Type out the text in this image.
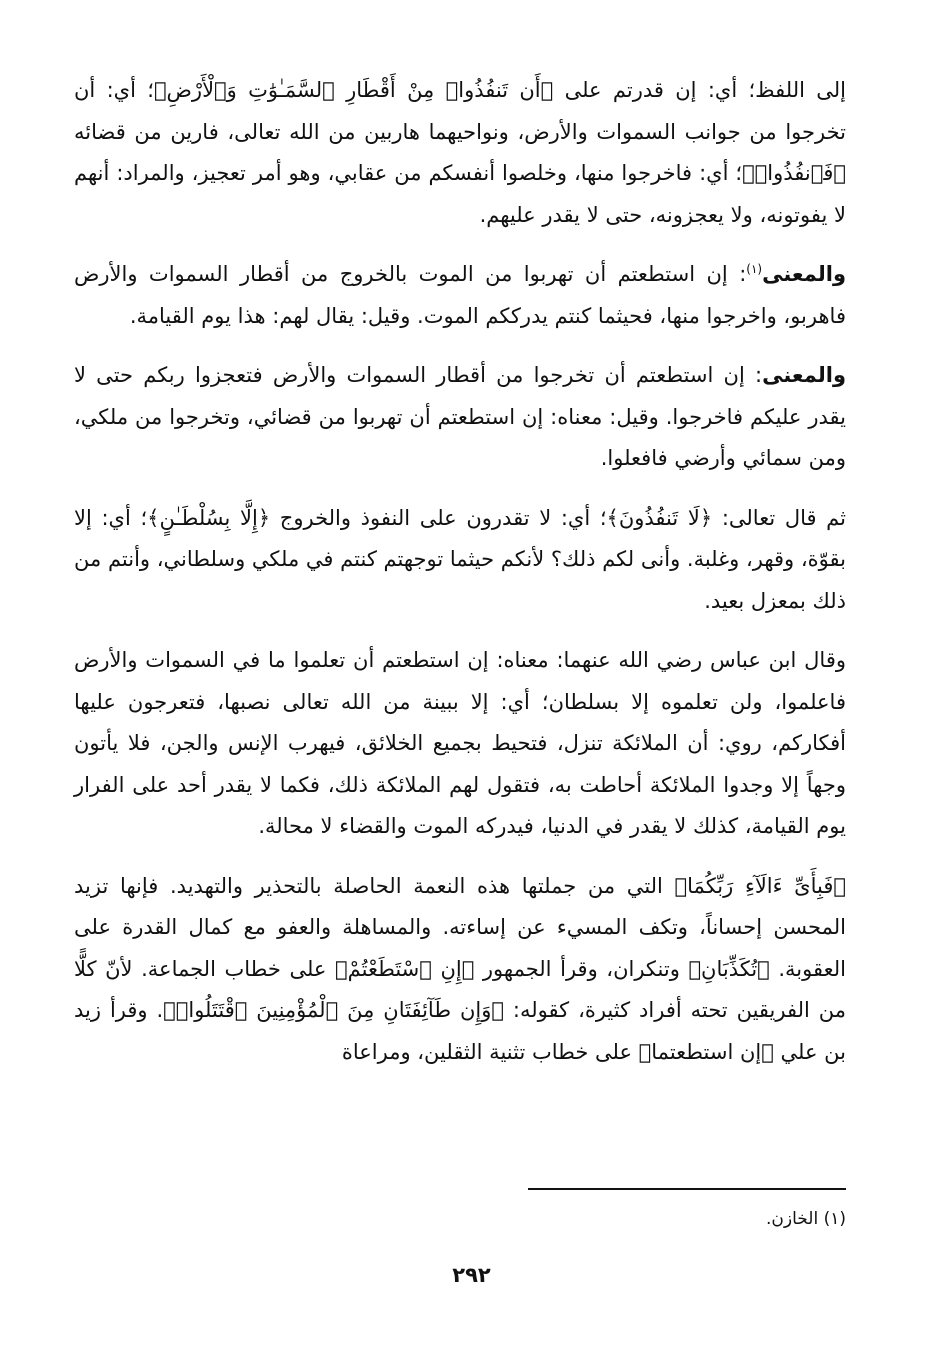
إلى اللفظ؛ أي: إن قدرتم على ﴿أَن تَنفُذُوا۟ مِنْ أَقْطَارِ ٱلسَّمَـٰوَٰتِ وَٱلْأَرْضِ﴾؛ أي: أن تخرجوا من جوانب السموات والأرض، ونواحيهما هاربين من الله تعالى، فارين من قضائه ﴿فَٱنفُذُوا۟﴾؛ أي: فاخرجوا منها، وخلصوا أنفسكم من عقابي، وهو أمر تعجيز، والمراد: أنهم لا يفوتونه، ولا يعجزونه، حتى لا يقدر عليهم.

والمعنى$^{(١)}$: إن استطعتم أن تهربوا من الموت بالخروج من أقطار السموات والأرض فاهربو، واخرجوا منها، فحيثما كنتم يدرككم الموت. وقيل: يقال لهم: هذا يوم القيامة.

والمعنى: إن استطعتم أن تخرجوا من أقطار السموات والأرض فتعجزوا ربكم حتى لا يقدر عليكم فاخرجوا. وقيل: معناه: إن استطعتم أن تهربوا من قضائي، وتخرجوا من ملكي، ومن سمائي وأرضي فافعلوا.

ثم قال تعالى: ﴿لَا تَنفُذُونَ﴾؛ أي: لا تقدرون على النفوذ والخروج ﴿إِلَّا بِسُلْطَـٰنٍ﴾؛ أي: إلا بقوّة، وقهر، وغلبة. وأنى لكم ذلك؟ لأنكم حيثما توجهتم كنتم في ملكي وسلطاني، وأنتم من ذلك بمعزل بعيد.

وقال ابن عباس رضي الله عنهما: معناه: إن استطعتم أن تعلموا ما في السموات والأرض فاعلموا، ولن تعلموه إلا بسلطان؛ أي: إلا ببينة من الله تعالى نصبها، فتعرجون عليها أفكاركم، روي: أن الملائكة تنزل، فتحيط بجميع الخلائق، فيهرب الإنس والجن، فلا يأتون وجهاً إلا وجدوا الملائكة أحاطت به، فتقول لهم الملائكة ذلك، فكما لا يقدر أحد على الفرار يوم القيامة، كذلك لا يقدر في الدنيا، فيدركه الموت والقضاء لا محالة.

﴿فَبِأَىِّ ءَالَآءِ رَبِّكُمَا﴾ التي من جملتها هذه النعمة الحاصلة بالتحذير والتهديد. فإنها تزيد المحسن إحساناً، وتكف المسيء عن إساءته. والمساهلة والعفو مع كمال القدرة على العقوبة. ﴿تُكَذِّبَانِ﴾ وتنكران، وقرأ الجمهور ﴿إِنِ ٱسْتَطَعْتُمْ﴾ على خطاب الجماعة. لأنّ كلًّا من الفريقين تحته أفراد كثيرة، كقوله: ﴿وَإِن طَآئِفَتَانِ مِنَ ٱلْمُؤْمِنِينَ ٱقْتَتَلُوا۟﴾. وقرأ زيد بن علي ﴿إن استطعتما﴾ على خطاب تثنية الثقلين، ومراعاة

(١) الخازن.
٢٩٢
